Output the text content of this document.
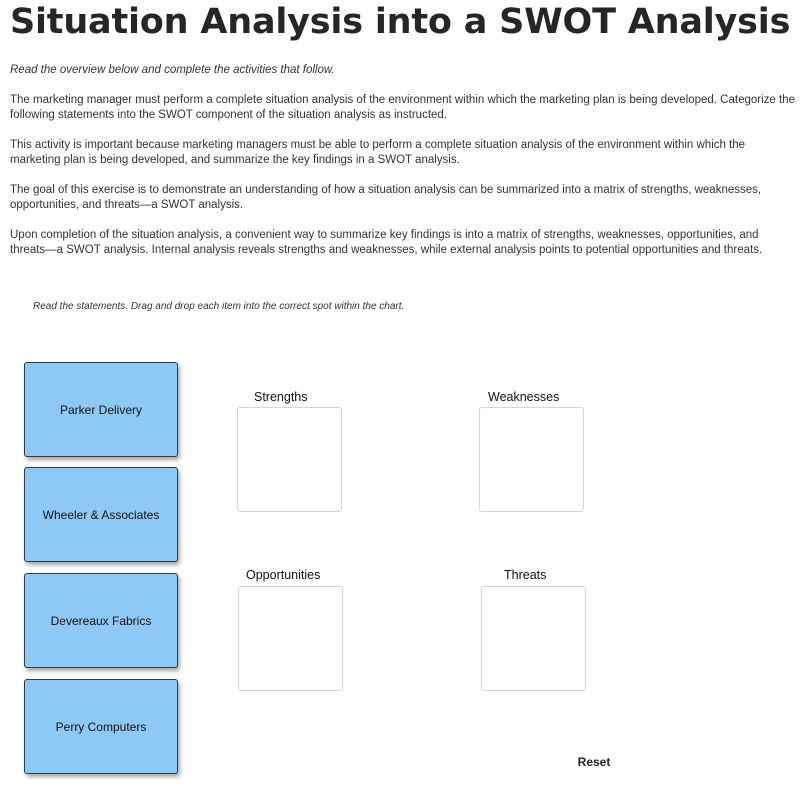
Situation Analysis into a SWOT Analysis

Read the overview below and complete the activities that follow.

The marketing manager must perform a complete situation analysis of the environment within which the marketing plan is being developed. Categorize the following statements into the SWOT component of the situation analysis as instructed.

This activity is important because marketing managers must be able to perform a complete situation analysis of the environment within which the marketing plan is being developed, and summarize the key findings in a SWOT analysis.

The goal of this exercise is to demonstrate an understanding of how a situation analysis can be summarized into a matrix of strengths, weaknesses, opportunities, and threats—a SWOT analysis.

Upon completion of the situation analysis, a convenient way to summarize key findings is into a matrix of strengths, weaknesses, opportunities, and threats—a SWOT analysis. Internal analysis reveals strengths and weaknesses, while external analysis points to potential opportunities and threats.

Read the statements. Drag and drop each item into the correct spot within the chart.

Parker Delivery
Wheeler & Associates
Devereaux Fabrics
Perry Computers
Strengths	Weaknesses
Opportunities	Threats
Reset
